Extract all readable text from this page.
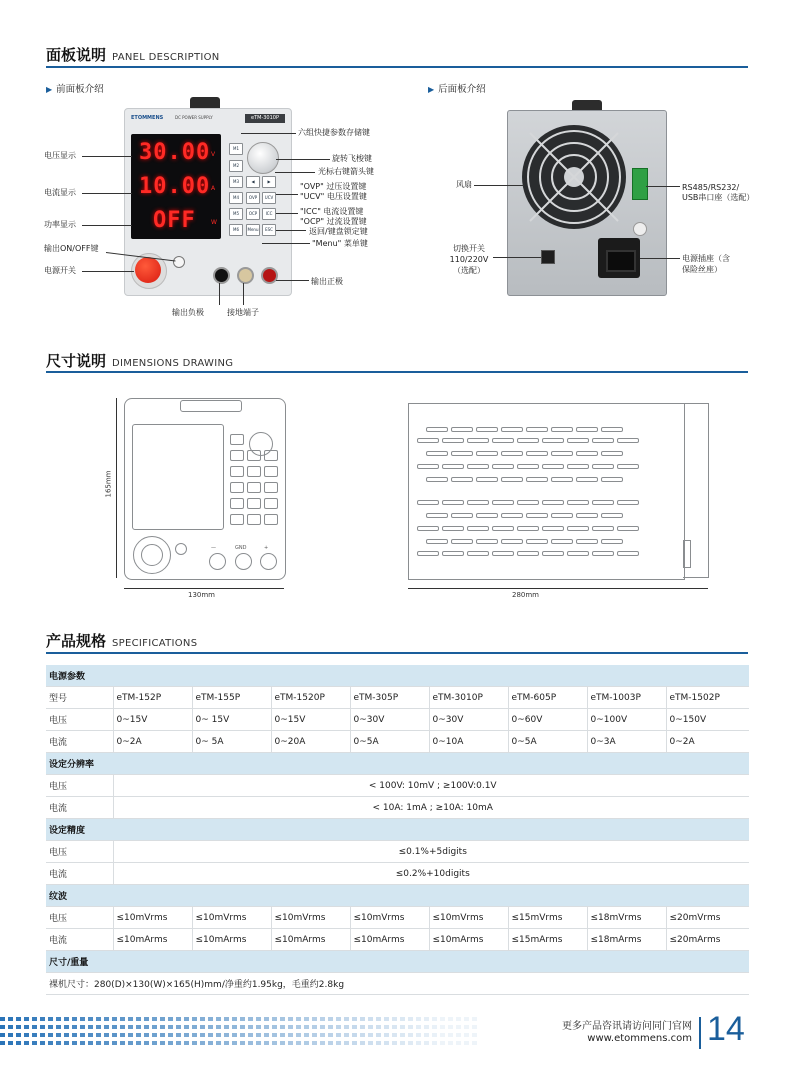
面板说明 PANEL DESCRIPTION
▶ 前面板介绍	▶ 后面板介绍
ETOMMENS	DC POWER SUPPLY	eTM-3010P
30.00
10.00
OFF
V
A
W
M1
M2
M3
M4
M5
M6
◀	▶
OVP	UCV
OCP	ICC
Menu	ESC
电压显示
电流显示
功率显示
输出ON/OFF键
电源开关
六组快捷参数存储键
旋转飞梭键
光标右键箭头键
"OVP" 过压设置键
"UCV" 电压设置键
"ICC" 电流设置键
"OCP" 过流设置键
返回/键盘锁定键
"Menu" 菜单键
输出正极
输出负极	接地端子
风扇	RS485/RS232/
USB串口座（选配）
切换开关
110/220V
（选配）
电源插座（含
保险丝座）
尺寸说明 DIMENSIONS DRAWING
—	GND	+
165mm
130mm	280mm
产品规格 SPECIFICATIONS
电源参数								
型号	eTM-152P	eTM-155P	eTM-1520P	eTM-305P	eTM-3010P	eTM-605P	eTM-1003P	eTM-1502P
电压	0~15V	0~ 15V	0~15V	0~30V	0~30V	0~60V	0~100V	0~150V
电流	0~2A	0~ 5A	0~20A	0~5A	0~10A	0~5A	0~3A	0~2A
设定分辨率								
电压	< 100V: 10mV ; ≥100V:0.1V							
电流	< 10A: 1mA ; ≥10A: 10mA							
设定精度								
电压	≤0.1%+5digits							
电流	≤0.2%+10digits							
纹波								
电压	≤10mVrms	≤10mVrms	≤10mVrms	≤10mVrms	≤10mVrms	≤15mVrms	≤18mVrms	≤20mVrms
电流	≤10mArms	≤10mArms	≤10mArms	≤10mArms	≤10mArms	≤15mArms	≤18mArms	≤20mArms
尺寸/重量								
裸机尺寸：280(D)×130(W)×165(H)mm/净重约1.95kg，毛重约2.8kg								
更多产品咨讯请访问同门官网
www.etommens.com 14
